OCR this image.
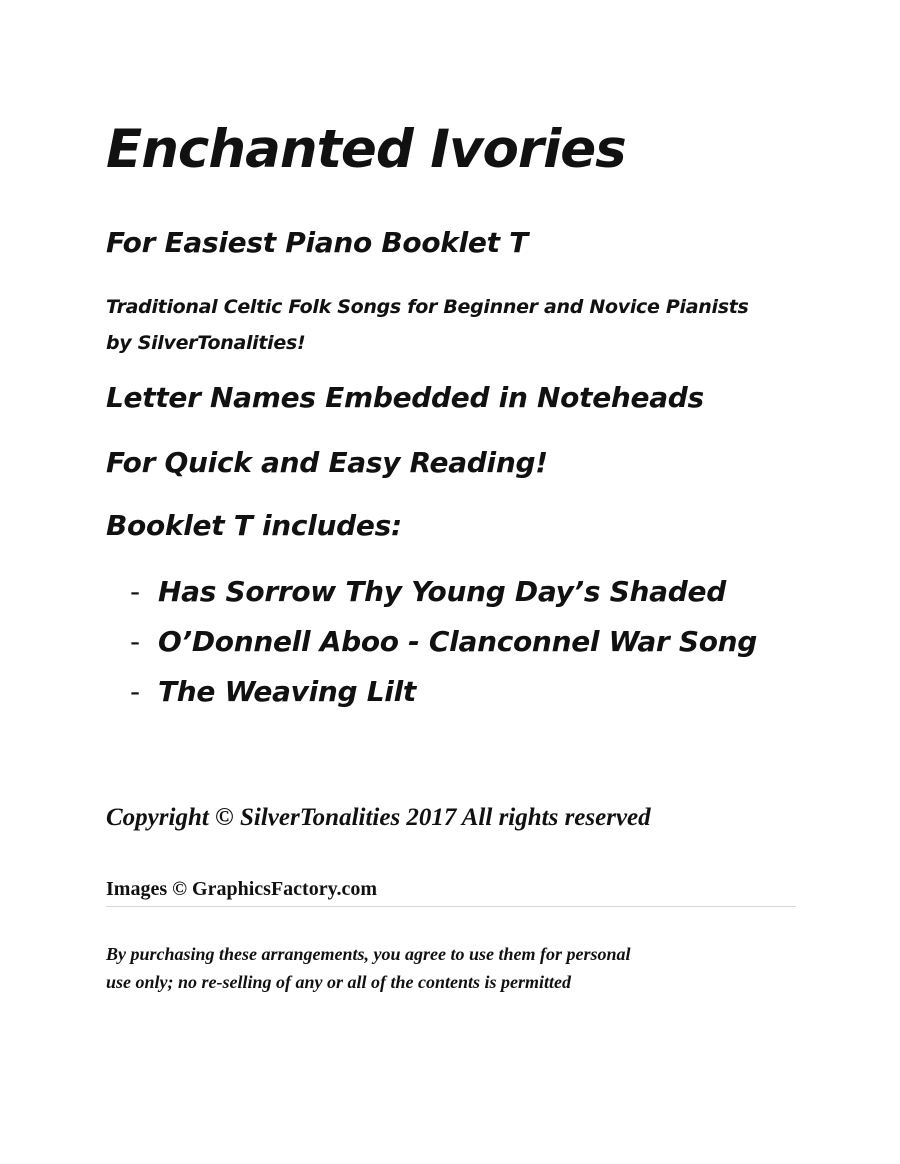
Enchanted Ivories
For Easiest Piano Booklet T
Traditional Celtic Folk Songs for Beginner and Novice Pianists
by SilverTonalities!
Letter Names Embedded in Noteheads
For Quick and Easy Reading!
Booklet T includes:
- Has Sorrow Thy Young Day’s Shaded
- O’Donnell Aboo - Clanconnel War Song
- The Weaving Lilt
Copyright © SilverTonalities 2017 All rights reserved
Images © GraphicsFactory.com
By purchasing these arrangements, you agree to use them for personal
use only; no re-selling of any or all of the contents is permitted
